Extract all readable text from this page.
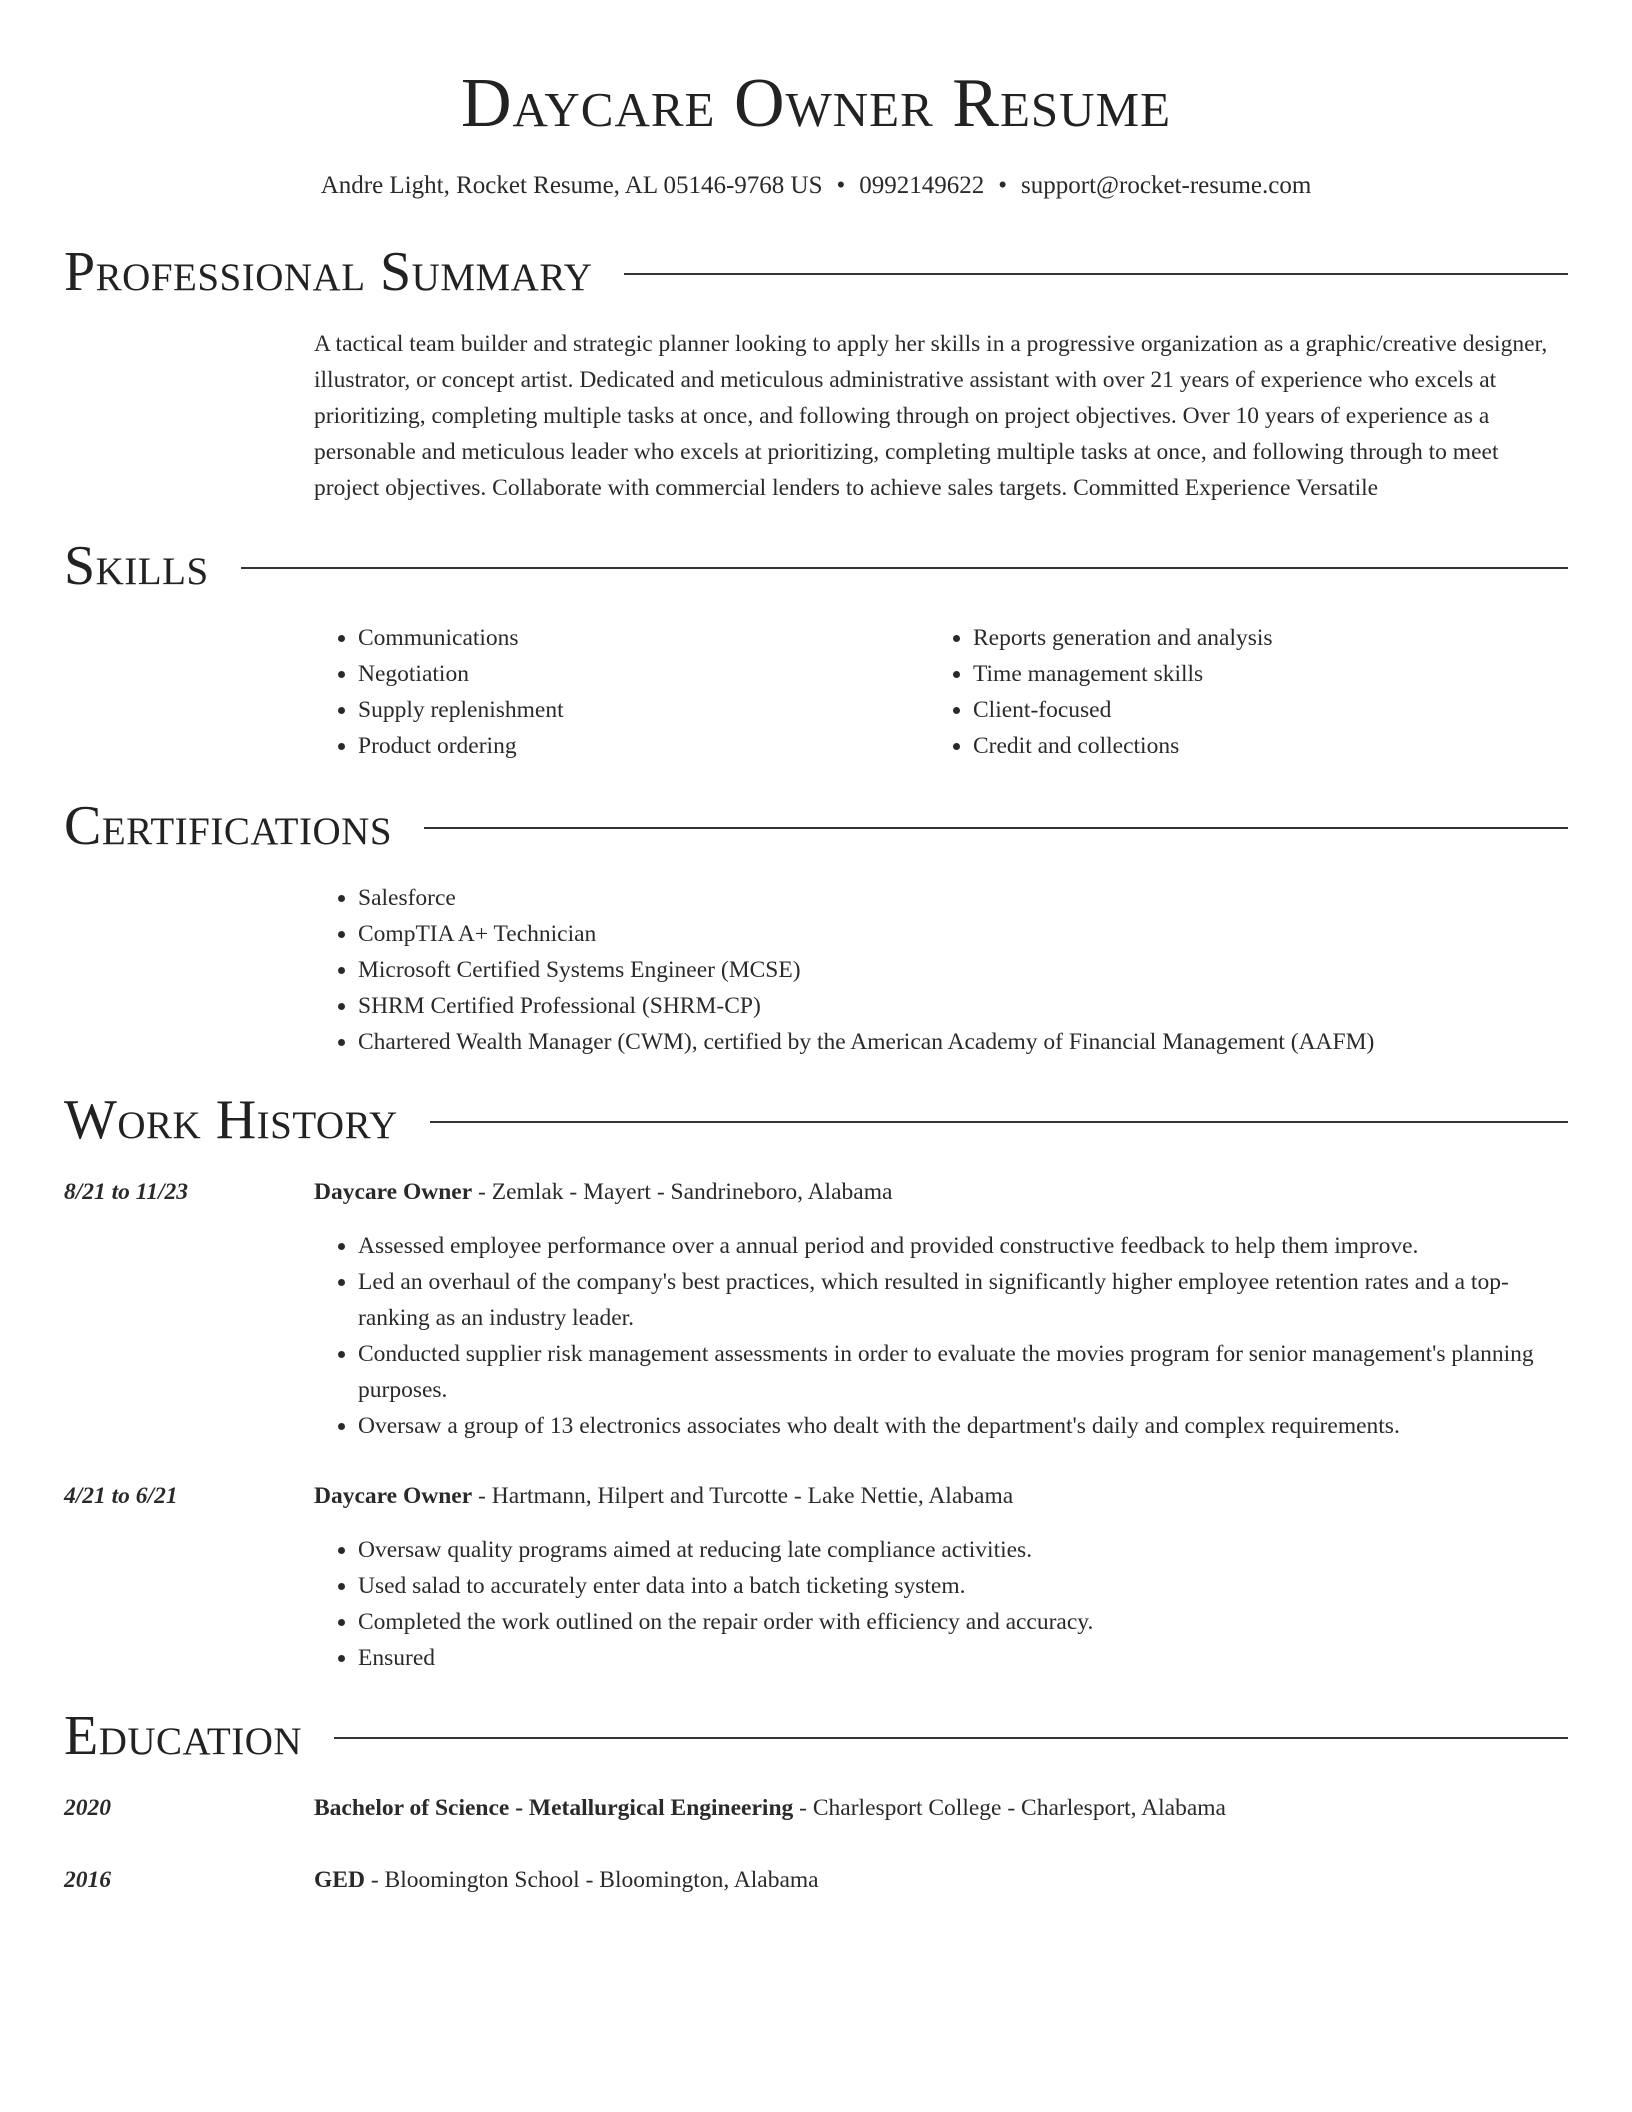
Daycare Owner Resume
Andre Light, Rocket Resume, AL 05146-9768 US • 0992149622 • support@rocket-resume.com
Professional Summary
A tactical team builder and strategic planner looking to apply her skills in a progressive organization as a graphic/creative designer, illustrator, or concept artist. Dedicated and meticulous administrative assistant with over 21 years of experience who excels at prioritizing, completing multiple tasks at once, and following through on project objectives. Over 10 years of experience as a personable and meticulous leader who excels at prioritizing, completing multiple tasks at once, and following through to meet project objectives. Collaborate with commercial lenders to achieve sales targets. Committed Experience Versatile
Skills
• Communications
• Negotiation
• Supply replenishment
• Product ordering
• Reports generation and analysis
• Time management skills
• Client-focused
• Credit and collections
Certifications
• Salesforce
• CompTIA A+ Technician
• Microsoft Certified Systems Engineer (MCSE)
• SHRM Certified Professional (SHRM-CP)
• Chartered Wealth Manager (CWM), certified by the American Academy of Financial Management (AAFM)
Work History
8/21 to 11/23	Daycare Owner - Zemlak - Mayert - Sandrineboro, Alabama
• Assessed employee performance over a annual period and provided constructive feedback to help them improve.
• Led an overhaul of the company's best practices, which resulted in significantly higher employee retention rates and a top-ranking as an industry leader.
• Conducted supplier risk management assessments in order to evaluate the movies program for senior management's planning purposes.
• Oversaw a group of 13 electronics associates who dealt with the department's daily and complex requirements.
4/21 to 6/21	Daycare Owner - Hartmann, Hilpert and Turcotte - Lake Nettie, Alabama
• Oversaw quality programs aimed at reducing late compliance activities.
• Used salad to accurately enter data into a batch ticketing system.
• Completed the work outlined on the repair order with efficiency and accuracy.
• Ensured
Education
2020	Bachelor of Science - Metallurgical Engineering - Charlesport College - Charlesport, Alabama
2016	GED - Bloomington School - Bloomington, Alabama
